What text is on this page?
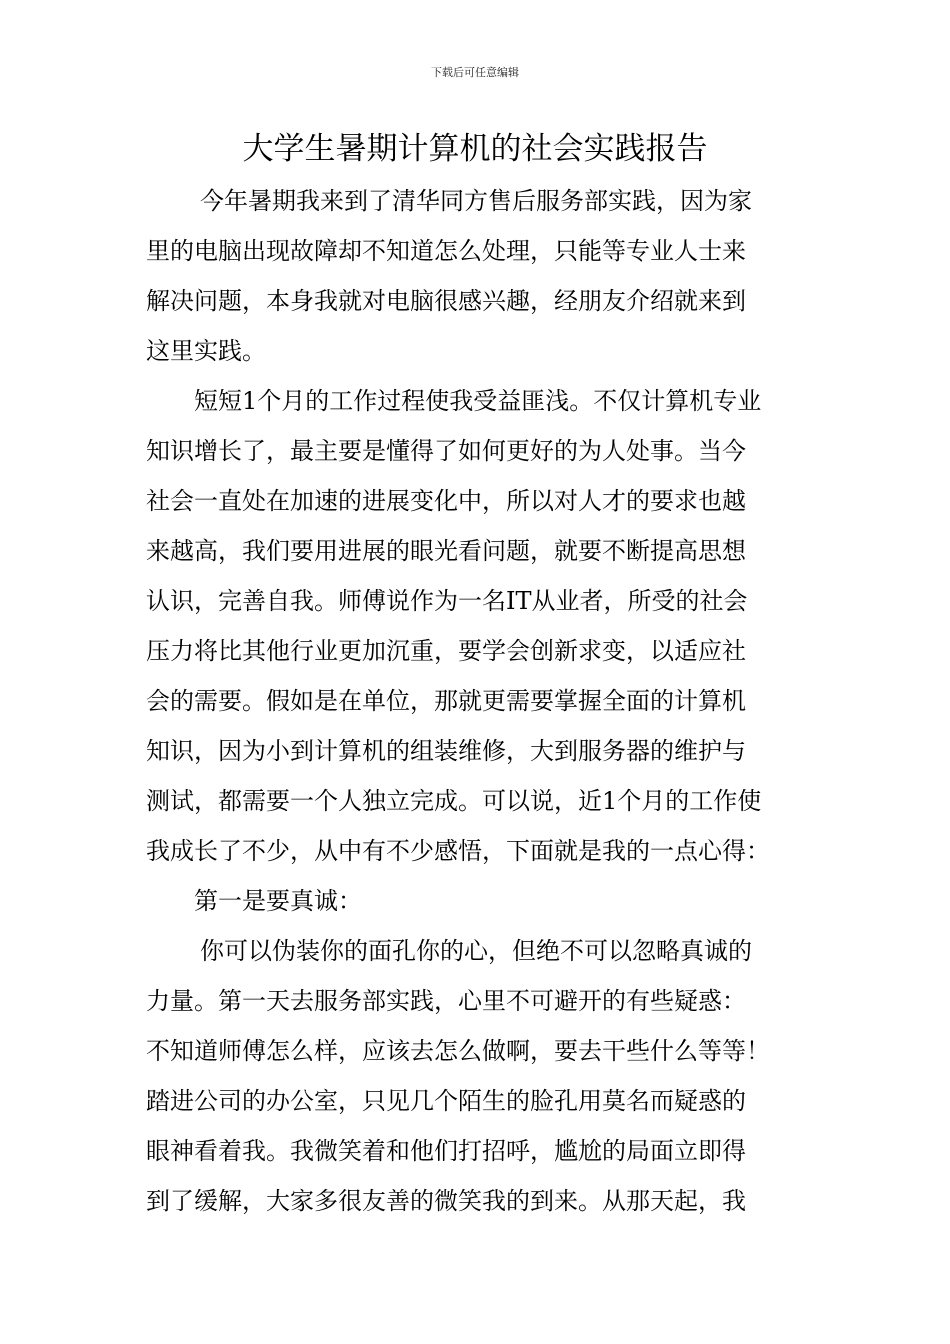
下载后可任意编辑
大学生暑期计算机的社会实践报告
今年暑期我来到了清华同方售后服务部实践，因为家
里的电脑出现故障却不知道怎么处理，只能等专业人士来
解决问题，本身我就对电脑很感兴趣，经朋友介绍就来到
这里实践。
短短1个月的工作过程使我受益匪浅。不仅计算机专业
知识增长了，最主要是懂得了如何更好的为人处事。当今
社会一直处在加速的进展变化中，所以对人才的要求也越
来越高，我们要用进展的眼光看问题，就要不断提高思想
认识，完善自我。师傅说作为一名IT从业者，所受的社会
压力将比其他行业更加沉重，要学会创新求变，以适应社
会的需要。假如是在单位，那就更需要掌握全面的计算机
知识，因为小到计算机的组装维修，大到服务器的维护与
测试，都需要一个人独立完成。可以说，近1个月的工作使
我成长了不少，从中有不少感悟，下面就是我的一点心得：
第一是要真诚：
你可以伪装你的面孔你的心，但绝不可以忽略真诚的
力量。第一天去服务部实践，心里不可避开的有些疑惑：
不知道师傅怎么样，应该去怎么做啊，要去干些什么等等！
踏进公司的办公室，只见几个陌生的脸孔用莫名而疑惑的
眼神看着我。我微笑着和他们打招呼，尴尬的局面立即得
到了缓解，大家多很友善的微笑我的到来。从那天起，我
